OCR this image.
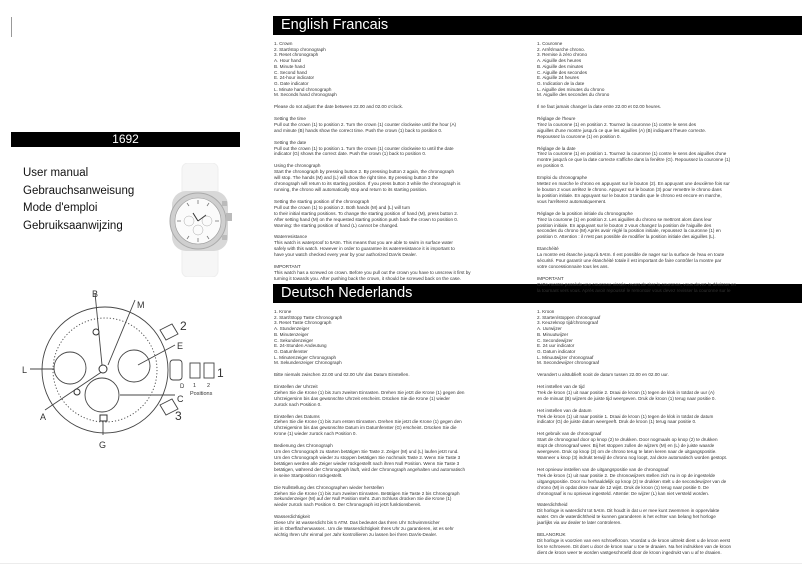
1692
User manual
Gebrauchsanweisung
Mode d'emploi
Gebruiksaanwijzing
B
M
2
E
L
D
1
C
A	3
G
Positions
1 2
English Francais
Deutsch Nederlands
1. Crown
2. Start/stop chronograph
3. Reset chronograph
A. Hour hand
B. Minute hand
C. Second hand
E. 24-hour indicator
G. Date indicator
L. Minute hand chronograph
M. Seconds hand chronograph
Please do not adjust the date between 22.00 and 02.00 o'clock.
Setting the time
Pull out the crown (1) to position 2. Turn the crown (1) counter clockwise until the hour (A)
and minute (B) hands show the correct time. Push the crown (1) back to position 0.
Setting the date
Pull out the crown (1) to position 1. Turn the crown (1) counter clockwise to until the date
indicator (G) shows the correct date. Push the crown (1) back to position 0.
Using the chronograph
Start the chronograph by pressing button 2. By pressing button 2 again, the chronograph
will stop. The hands (M) and (L) will show the right time. By pressing button 3 the
chronograph will return to its starting position. If you press button 3 while the chronograph is
running, the chrono will automatically stop and return to its starting position.
Setting the starting position of the chronograph
Pull out the crown (1) to position 2. Both hands (M) and (L) will turn
to their initial starting positions. To change the starting position of hand (M), press button 2.
After setting hand (M) on the requested starting position push back the crown to position 0.
Warning: the starting position of hand (L) cannot be changed.
Waterresistance
This watch is waterproof to 5Atm. This means that you are able to swim in surface water
safely with this watch. However in order to guarantee its waterresistance it is important to
have your watch checked every year by your authorized DaVis Dealer.
IMPORTANT
This watch has a screwed on crown. Before you pull out the crown you have to unscrew it first by
turning it towards you. After pushing back the crown, it should be screwed back on the case.
1. Couronne
2. Arrêt/marche chrono.
3. Remise à zéro chrono
A. Aiguille des heures
B. Aiguille des minutes
C. Aiguille des secondes
E. Aiguille 24 heures
G. Indication de la date
L. Aiguille des minutes du chrono
M. Aiguille des secondes du chrono
Il ne faut jamais changer la date entre 22.00 et 02.00 heures.
Réglage de l'heure
Tirez la couronne (1) en position 2. Tournez la couronne (1) contre le sens des
aiguilles d'une montre jusqu'à ce que les aiguilles (A) (B) indiquent l'heure correcte.
Repoussez la couronne (1) en position 0.
Réglage de la date
Tirez la couronne (1) en position 1. Tournez la couronne (1) contre le sens des aiguilles d'une
montre jusqu'à ce que la date correcte s'affiche dans la fenêtre (G). Repoussez la couronne (1)
en position 0.
Emploi du chronographe
Mettez en marche le chrono en appuyant sur le bouton (2). En appuyant une deuxième fois sur
le bouton 2 vous arrêtez le chrono. Appuyez sur le bouton (3) pour remettre le chrono dans
la position initiale. En appuyant sur le bouton 3 tandis que le chrono est encore en marche,
vous l'arrêterez automatiquement.
Réglage de la position initiale du chronographe
Tirez la couronne (1) en position 2. Les aiguilles du chrono se mettront alors dans leur
position initiale. En appuyant sur le bouton 2 vous changez la position de l'aiguille des
secondes du chrono (M) Après avoir réglé la position initiale, repoussez la couronne (1) en
position 0. Attention : il n'est pas possible de modifier la position initiale des aiguilles (L).
Etanchéité
La montre est étanche jusqu'à 5Atm. Il est possible de nager sur la surface de l'eau en toute
sécurité. Pour garantir une étanchéité totale il est important de faire contrôler la montre par
votre concessionnaire tous les ans.
IMPORTANT
Cette montre possède une couronne vissée. Avant de tirer la couronne, vous devez la dévisser en
la tournant vers vous. Après avoir repoussé le remontoir vous devez revisser la couronne sur le
1. Krone
2. Start/Stopp Taste Chronograph
3. Reset Taste Chronograph
A. Stundenzeiger
B. Minutenzeiger
C. Sekundenzeiger
E. 24-Stunden Andeutung
G. Datumfenster
L. Minutenzeiger Chronograph
M. Sekundenzeiger Chronograph
Bitte niemals zwischen 22.00 und 02.00 Uhr das Datum Einstellen.
Einstellen der Uhrzeit
Ziehen Sie die Krone (1) bis zum zweiten Einrasten. Drehen Sie jetzt die Krone (1) gegen den
Uhrzeigersinn bis das gewünschte Uhrzeit erscheint. Drücken Sie die Krone (1) wieder
zurück nach Position 0.
Einstellen des Datums
Ziehen Sie die Krone (1) bis zum ersten Einrasten. Drehen Sie jetzt die Krone (1) gegen den
Uhrzeigersinn bis das gewünschte Datum im Datumfenster (G) erscheint. Drücken Sie die
Krone (1) wieder zurück nach Position 0.
Bedienung des Chronograph
Um den Chronograph zu starten betätigen Sie Taste 2. Zeiger (M) und (L) laufen jetzt rund.
Um den Chronograph wieder zu stoppen betätigen Sie nochmals Taste 2. Wenn Sie Taste 3
betätigen werden alle Zeiger wieder rückgestellt nach ihren Null Position. Wenn Sie Taste 3
betätigen, während der Chronograph läuft, wird der Chronograph angehalten und automatisch
in seine Startposition rückgestellt.
Die Nullstellung des Chronographen wieder herstellen
Ziehen Sie die Krone (1) bis zum zweiten Einrasten. Betätigen Sie Taste 2 bis Chronograph
Sekundenzeiger (M) auf der Null Position steht. Zum Schluss drücken Sie die Krone (1)
wieder zurück nach Position 0. Der Chronograph ist jetzt funktionsbereit.
Wasserdichtigkeit
Diese Uhr ist wasserdicht bis 5 ATM. Das bedeutet das Ihren Uhr Schwimmsicher
ist in Oberflächenwasser.. Um die Wasserdichtigkeit Ihres Uhr zu garantieren, ist es sehr
wichtig Ihren Uhr einmal per Jahr kontrollieren zu lassen bei Ihren DaVis-Dealer.
1. Kroon
2. Starten/stoppen chronograaf
3. Keuzeknop tijd/chronograaf
A. Uurwijzer
B. Minuutwijzer
C. Secondewijzer
E. 24 uur indicator
G. Datum indicator
L. Minuutwijzer chronograaf
M. Secondewijzer chronograaf
Verandert u alstublieft nooit de datum tussen 22.00 en 02.00 uur.
Het instellen van de tijd
Trek de kroon (1) uit naar positie 2. Draai de kroon (1) tegen de klok in totdat de uur (A)
en de minuut (B) wijzers de juiste tijd weergeven. Druk de kroon (1) terug naar positie 0.
Het instellen van de datum
Trek de kroon (1) uit naar positie 1. Draai de kroon (1) tegen de klok in totdat de datum
indicator (G) de juiste datum weergeeft. Druk de kroon (1) terug naar positie 0.
Het gebruik van de chronograaf
Start de chronograaf door op knop (2) te drukken. Door nogmaals op knop (2) te drukken
stopt de chronograaf weer. Bij het stoppen zullen de wijzers (M) en (L) de juiste waarde
weergeven. Druk op knop (3) om de chrono terug te laten keren naar de uitgangspositie.
Wanneer u knop (3) indrukt terwijl de chrono nog loopt, zal deze automatisch worden gestopt.
Het opnieuw instellen van de uitgangspositie van de chronograaf
Trek de kroon (1) uit naar positie 2. De chronowijzers stellen zich nu in op de ingestelde
uitgangspositie. Door nu herhaaldelijk op knop (2) te drukken stelt u de secondewijzer van de
chrono (M) in opdat deze naar de 12 wijst. Druk de kroon (1) terug naar positie 0. De
chronograaf is nu opnieuw ingesteld. Attentie: De wijzer (L) kan niet versteld worden.
Waterdichtheid
Dit horloge is waterdicht tot 5Atm. Dit houdt in dat u er mee kunt zwemmen in oppervlakte
water. Om de waterdichtheid te kunnen garanderen is het echter van belang het horloge
jaarlijks via uw dealer te later controleren.
BELANGRIJK
Dit horloge is voorzien van een schroefkroon. Voordat u de kroon uittrekt dient u de kroon eerst
los te schroeven. Dit doet u door de kroon naar u toe te draaien. Na het indrukken van de kroon
dient de kroon weer te worden vastgeschroefd door de kroon ingedrukt van u af te draaien.
